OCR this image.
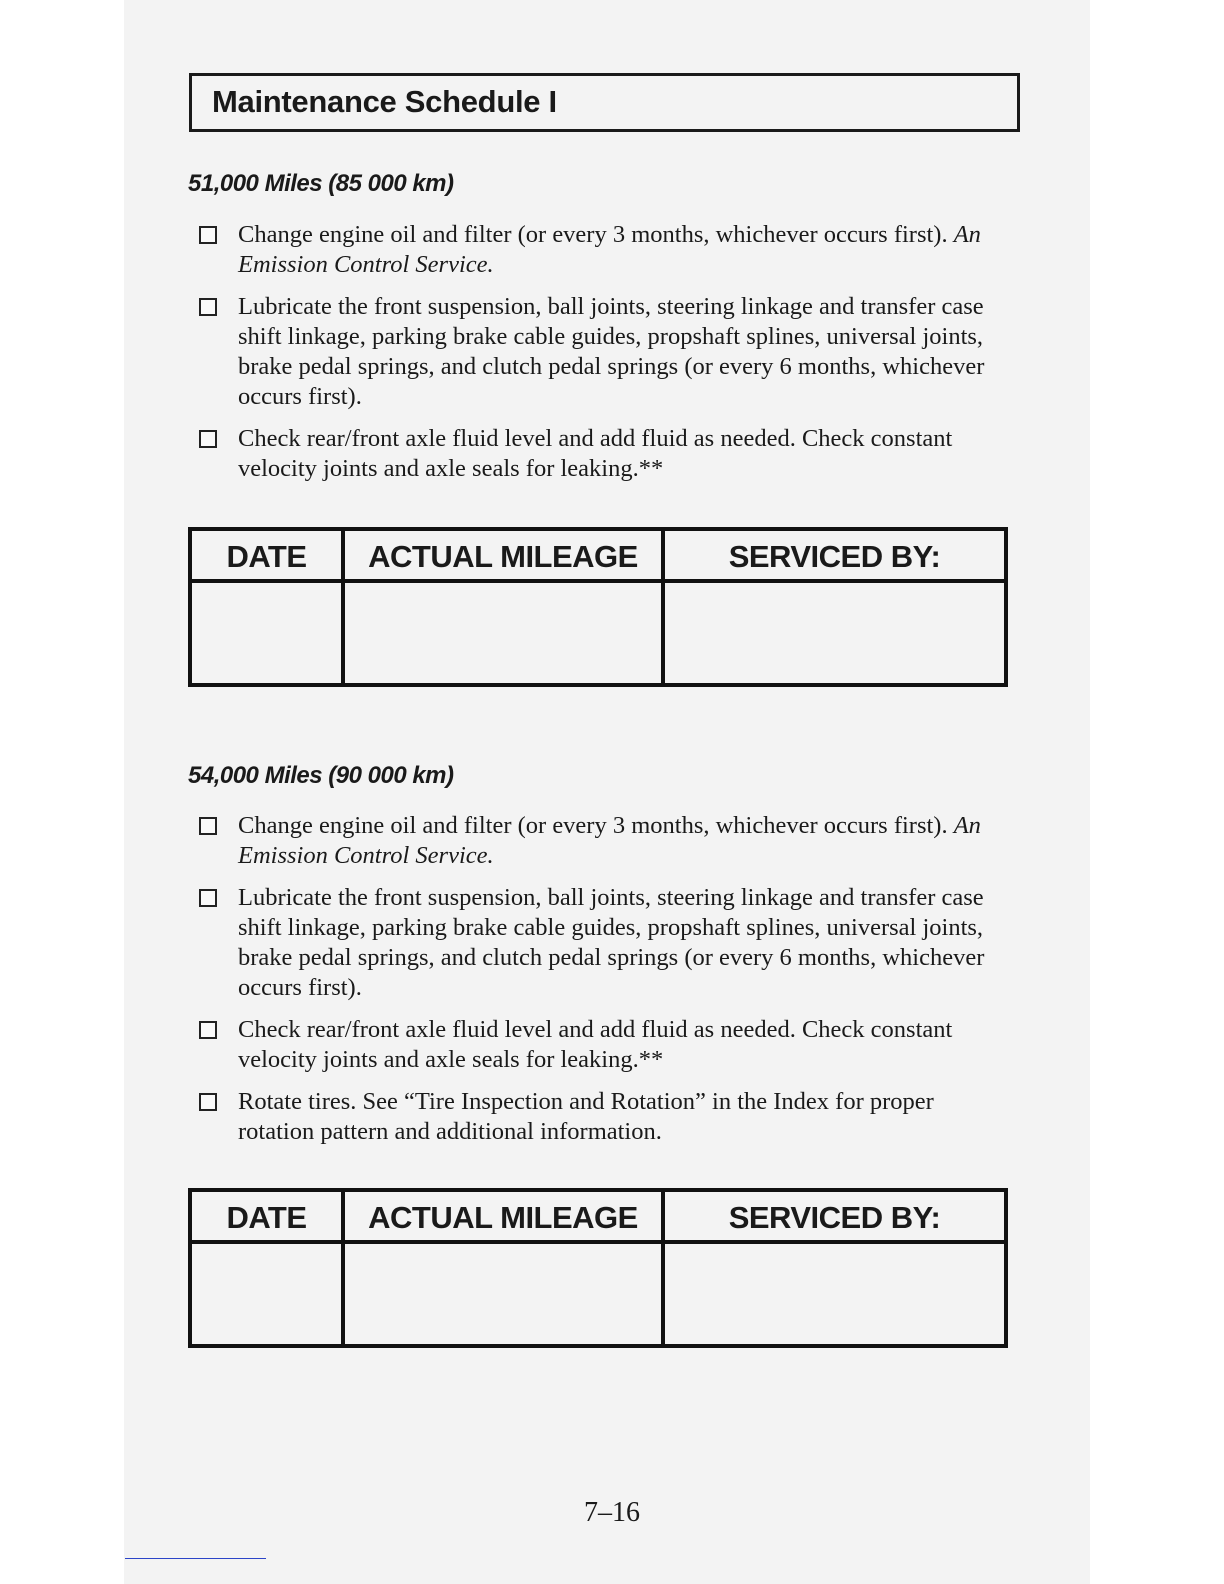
Maintenance Schedule I
51,000 Miles (85 000 km)
Change engine oil and filter (or every 3 months, whichever occurs first). An Emission Control Service.
Lubricate the front suspension, ball joints, steering linkage and transfer case shift linkage, parking brake cable guides, propshaft splines, universal joints, brake pedal springs, and clutch pedal springs (or every 6 months, whichever occurs first).
Check rear/front axle fluid level and add fluid as needed. Check constant velocity joints and axle seals for leaking.**
DATE	ACTUAL MILEAGE	SERVICED BY:
54,000 Miles (90 000 km)
Change engine oil and filter (or every 3 months, whichever occurs first). An Emission Control Service.
Lubricate the front suspension, ball joints, steering linkage and transfer case shift linkage, parking brake cable guides, propshaft splines, universal joints, brake pedal springs, and clutch pedal springs (or every 6 months, whichever occurs first).
Check rear/front axle fluid level and add fluid as needed. Check constant velocity joints and axle seals for leaking.**
Rotate tires. See “Tire Inspection and Rotation” in the Index for proper rotation pattern and additional information.
DATE	ACTUAL MILEAGE	SERVICED BY:
7–16
